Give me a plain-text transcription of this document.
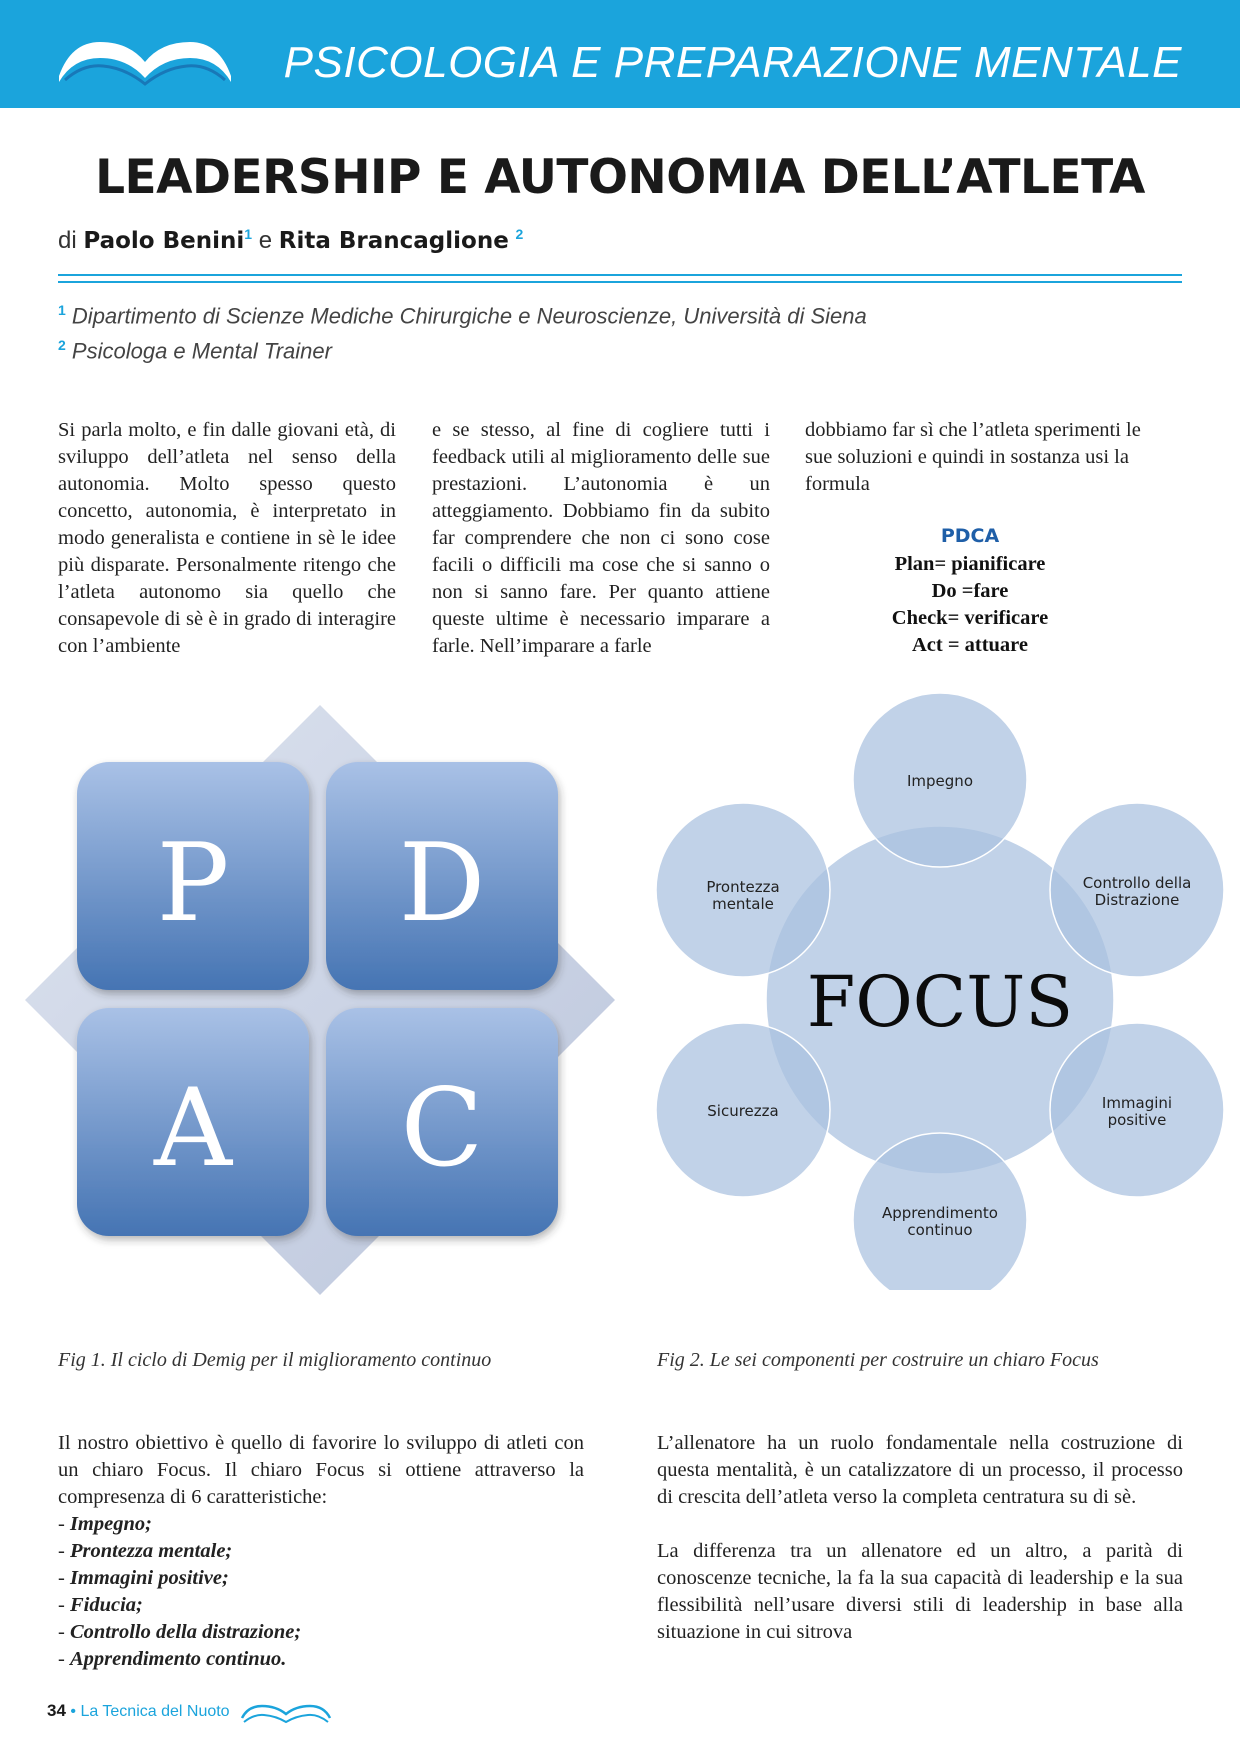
PSICOLOGIA E PREPARAZIONE MENTALE
LEADERSHIP E AUTONOMIA DELL’ATLETA
di Paolo Benini$^1$ e Rita Brancaglione $^2$
$^1$ Dipartimento di Scienze Mediche Chirurgiche e Neuroscienze, Università di Siena
$^2$ Psicologa e Mental Trainer

Si parla molto, e fin dalle giovani età, di sviluppo dell’atleta nel senso della autonomia. Molto spesso questo concetto, autonomia, è interpretato in modo generalista e contiene in sè le idee più disparate. Personalmente ritengo che l’atleta autonomo sia quello che consapevole di sè è in grado di interagire con l’ambiente

e se stesso, al fine di cogliere tutti i feedback utili al miglioramento delle sue prestazioni. L’autonomia è un atteggiamento. Dobbiamo fin da subito far comprendere che non ci sono cose facili o difficili ma cose che si sanno o non si sanno fare. Per quanto attiene queste ultime è necessario imparare a farle. Nell’imparare a farle

dobbiamo far sì che l’atleta sperimenti le sue soluzioni e quindi in sostanza usi la formula

PDCA
Plan= pianificare
Do =fare
Check= verificare
Act = attuare
P D
A C
FOCUS
Impegno
Controllo della
Distrazione
Immagini
positive
Apprendimento
continuo
Sicurezza
Prontezza
mentale
Fig 1. Il ciclo di Demig per il miglioramento continuo	Fig 2. Le sei componenti per costruire un chiaro Focus

Il nostro obiettivo è quello di favorire lo sviluppo di atleti con un chiaro Focus. Il chiaro Focus si ottiene attraverso la compresenza di 6 caratteristiche:

- Impegno;
- Prontezza mentale;
- Immagini positive;
- Fiducia;
- Controllo della distrazione;
- Apprendimento continuo.

L’allenatore ha un ruolo fondamentale nella costruzione di questa mentalità, è un catalizzatore di un processo, il processo di crescita dell’atleta verso la completa centratura su di sè.

La differenza tra un allenatore ed un altro, a parità di conoscenze tecniche, la fa la sua capacità di leadership e la sua flessibilità nell’usare diversi stili di leadership in base alla situazione in cui sitrova

34 • La Tecnica del Nuoto
